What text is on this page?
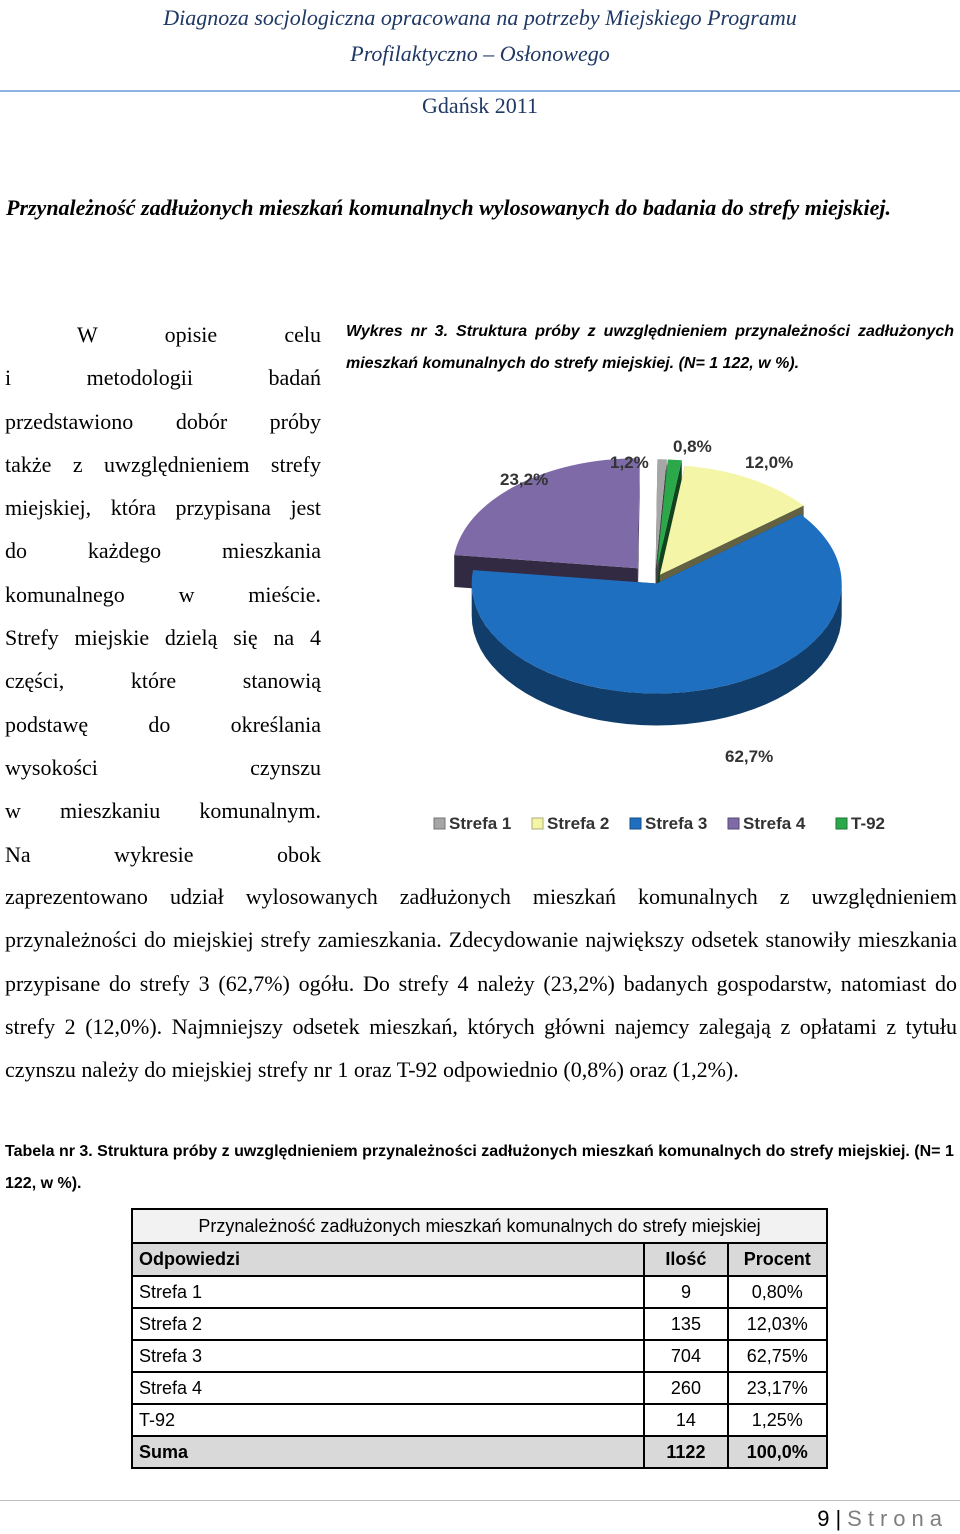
Diagnoza socjologiczna opracowana na potrzeby Miejskiego Programu
Profilaktyczno – Osłonowego
Gdańsk 2011
Przynależność zadłużonych mieszkań komunalnych wylosowanych do badania do strefy miejskiej.
W opisie celu
i metodologii badań
przedstawiono dobór próby
także z uwzględnieniem strefy
miejskiej, która przypisana jest
do każdego mieszkania
komunalnego w mieście.
Strefy miejskie dzielą się na 4
części, które stanowią
podstawę do określania
wysokości czynszu
w mieszkaniu komunalnym.
Na wykresie obok
Wykres nr 3. Struktura próby z uwzględnieniem przynależności zadłużonych mieszkań komunalnych do strefy miejskiej. (N= 1 122, w %).
1,2%	12,0%
62,7%
23,2%
0,8%
Strefa 1 Strefa 2 Strefa 3 Strefa 4	T-92
zaprezentowano udział wylosowanych zadłużonych mieszkań komunalnych z uwzględnieniem przynależności do miejskiej strefy zamieszkania. Zdecydowanie największy odsetek stanowiły mieszkania przypisane do strefy 3 (62,7%) ogółu. Do strefy 4 należy (23,2%) badanych gospodarstw, natomiast do strefy 2 (12,0%). Najmniejszy odsetek mieszkań, których główni najemcy zalegają z opłatami z tytułu czynszu należy do miejskiej strefy nr 1 oraz T-92 odpowiednio (0,8%) oraz (1,2%).
Tabela nr 3. Struktura próby z uwzględnieniem przynależności zadłużonych mieszkań komunalnych do strefy miejskiej. (N= 1 122, w %).
Przynależność zadłużonych mieszkań komunalnych do strefy miejskiej		
Odpowiedzi	Ilość	Procent
Strefa 1	9	0,80%
Strefa 2	135	12,03%
Strefa 3	704	62,75%
Strefa 4	260	23,17%
T-92	14	1,25%
Suma	1122	100,0%
9 | Strona
